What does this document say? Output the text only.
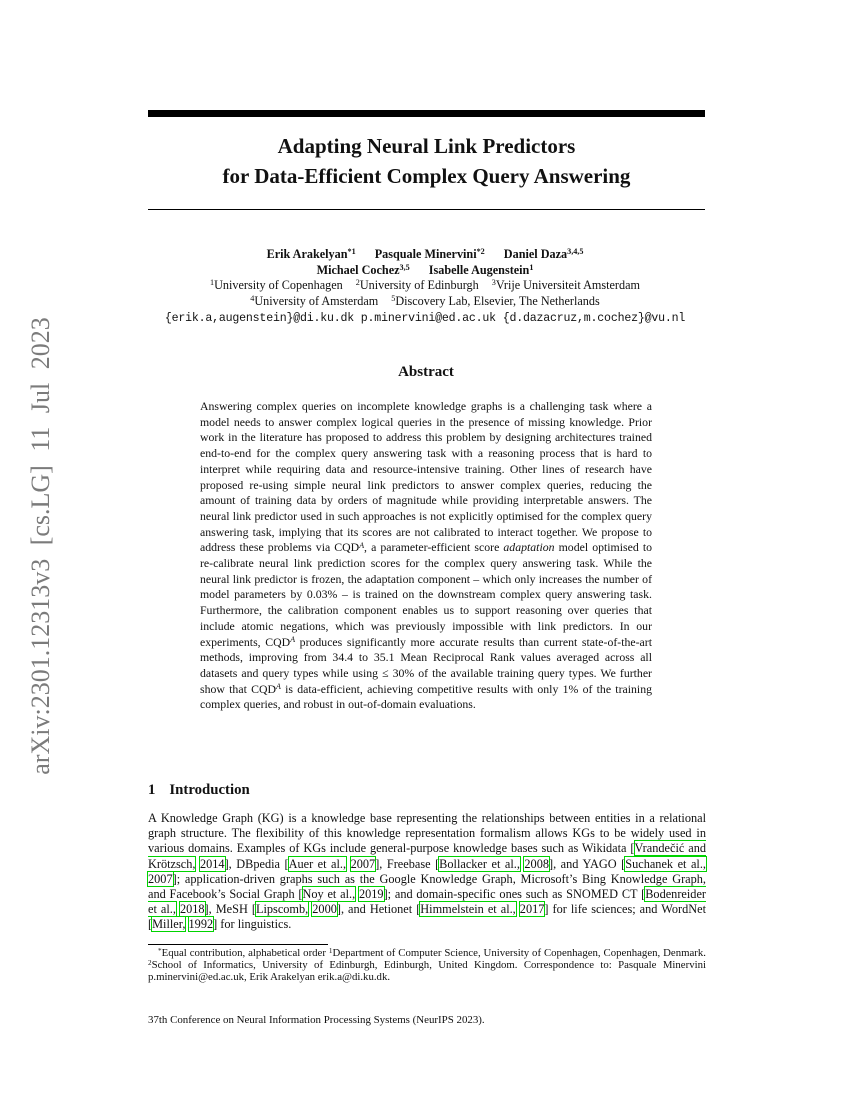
arXiv:2301.12313v3 [cs.LG] 11 Jul 2023
Adapting Neural Link Predictors
for Data-Efficient Complex Query Answering
Erik Arakelyan$^{*1}$ Pasquale Minervini$^{*2}$ Daniel Daza$^{3,4,5}$
Michael Cochez$^{3,5}$ Isabelle Augenstein$^1$
$^1$University of Copenhagen $^2$University of Edinburgh $^3$Vrije Universiteit Amsterdam
$^4$University of Amsterdam $^5$Discovery Lab, Elsevier, The Netherlands
{erik.a,augenstein}@di.ku.dk p.minervini@ed.ac.uk {d.dazacruz,m.cochez}@vu.nl
Abstract
Answering complex queries on incomplete knowledge graphs is a challenging task where a model needs to answer complex logical queries in the presence of missing knowledge. Prior work in the literature has proposed to address this problem by designing architectures trained end-to-end for the complex query answering task with a reasoning process that is hard to interpret while requiring data and resource-intensive training. Other lines of research have proposed re-using simple neural link predictors to answer complex queries, reducing the amount of training data by orders of magnitude while providing interpretable answers. The neural link predictor used in such approaches is not explicitly optimised for the complex query answering task, implying that its scores are not calibrated to interact together. We propose to address these problems via $CQD^A$, a parameter-efficient score adaptation model optimised to re-calibrate neural link prediction scores for the complex query answering task. While the neural link predictor is frozen, the adaptation component – which only increases the number of model parameters by 0.03% – is trained on the downstream complex query answering task. Furthermore, the calibration component enables us to support reasoning over queries that include atomic negations, which was previously impossible with link predictors. In our experiments, $CQD^A$ produces significantly more accurate results than current state-of-the-art methods, improving from 34.4 to 35.1 Mean Reciprocal Rank values averaged across all datasets and query types while using ≤ 30% of the available training query types. We further show that $CQD^A$ is data-efficient, achieving competitive results with only 1% of the training complex queries, and robust in out-of-domain evaluations.
1 Introduction
A Knowledge Graph (KG) is a knowledge base representing the relationships between entities in a relational graph structure. The flexibility of this knowledge representation formalism allows KGs to be widely used in various domains. Examples of KGs include general-purpose knowledge bases such as Wikidata [Vrandečić and Krötzsch, 2014], DBpedia [Auer et al., 2007], Freebase [Bollacker et al., 2008], and YAGO [Suchanek et al., 2007]; application-driven graphs such as the Google Knowledge Graph, Microsoft’s Bing Knowledge Graph, and Facebook’s Social Graph [Noy et al., 2019]; and domain-specific ones such as SNOMED CT [Bodenreider et al., 2018], MeSH [Lipscomb, 2000], and Hetionet [Himmelstein et al., 2017] for life sciences; and WordNet [Miller, 1992] for linguistics.
*Equal contribution, alphabetical order $^1$Department of Computer Science, University of Copenhagen, Copenhagen, Denmark. $^2$School of Informatics, University of Edinburgh, Edinburgh, United Kingdom. Correspondence to: Pasquale Minervini p.minervini@ed.ac.uk, Erik Arakelyan erik.a@di.ku.dk.
37th Conference on Neural Information Processing Systems (NeurIPS 2023).
